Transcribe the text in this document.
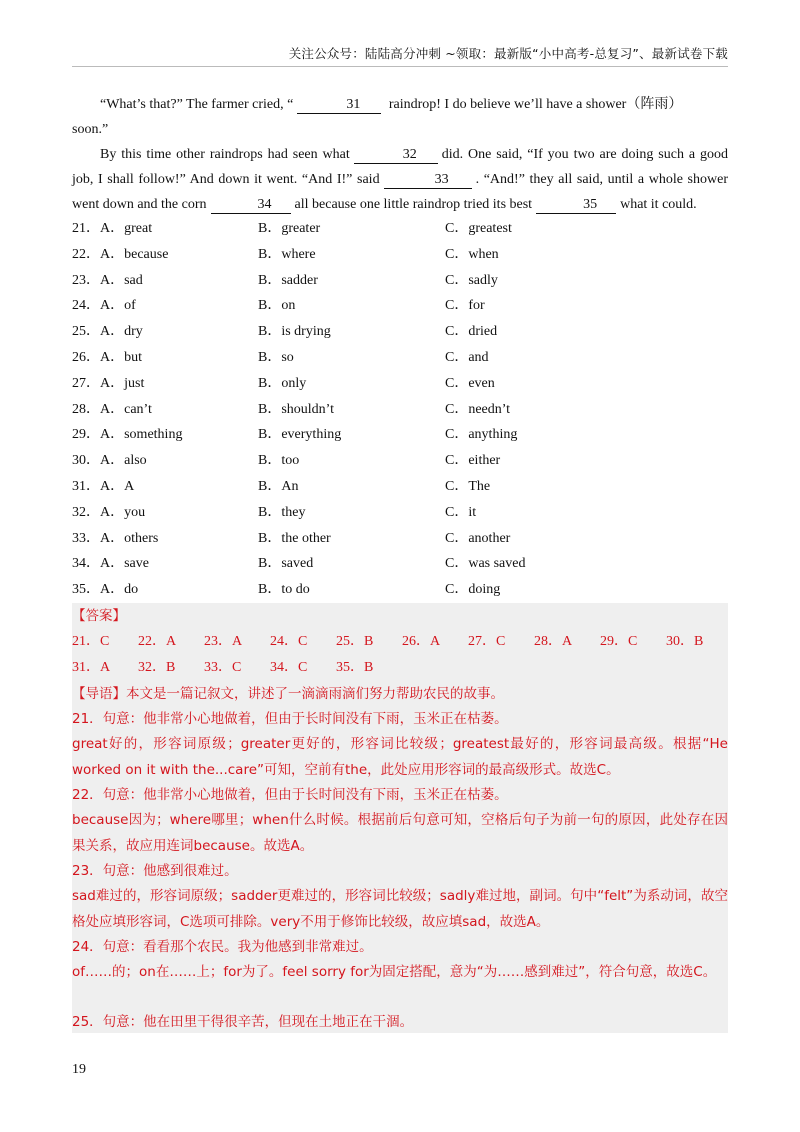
关注公众号：陆陆高分冲刺 ~领取：最新版“小中高考-总复习”、最新试卷下载

“What’s that?” The farmer cried, “	31 raindrop! I do believe we’ll have a shower（阵雨）

soon.”

By this time other raindrops had seen what	32 did. One said, “If you two are doing such a good job, I shall follow!” And down it went. “And I!” said	33 . “And!” they all said, until a whole shower went down and the corn	34 all because one little raindrop tried its best	35 what it could.

21． A．great	B．greater	C．greatest
22． A．because	B．where	C．when
23． A．sad	B．sadder	C．sadly
24． A．of	B．on	C．for
25． A．dry	B．is drying	C．dried
26． A．but	B．so	C．and
27． A．just	B．only	C．even
28． A．can’t	B．shouldn’t	C．needn’t
29． A．something	B．everything	C．anything
30． A．also	B．too	C．either
31． A．A	B．An	C．The
32． A．you	B．they	C．it
33． A．others	B．the other	C．another
34． A．save	B．saved	C．was saved
35． A．do	B．to do	C．doing
【答案】
21．C 22．A 23．A 24．C 25．B 26．A 27．C 28．A 29．C 30．B
31．A 32．B 33．C 34．C 35．B
【导语】本文是一篇记叙文，讲述了一滴滴雨滴们努力帮助农民的故事。
21．句意：他非常小心地做着，但由于长时间没有下雨，玉米正在枯萎。
great好的，形容词原级；greater更好的，形容词比较级；greatest最好的，形容词最高级。根据“He worked on it with the...care”可知，空前有the，此处应用形容词的最高级形式。故选C。
22．句意：他非常小心地做着，但由于长时间没有下雨，玉米正在枯萎。
because因为；where哪里；when什么时候。根据前后句意可知，空格后句子为前一句的原因，此处存在因果关系，故应用连词because。故选A。
23．句意：他感到很难过。
sad难过的，形容词原级；sadder更难过的，形容词比较级；sadly难过地，副词。句中“felt”为系动词，故空格处应填形容词，C选项可排除。very不用于修饰比较级，故应填sad，故选A。
24．句意：看看那个农民。我为他感到非常难过。
of……的；on在……上；for为了。feel sorry for为固定搭配，意为“为……感到难过”，符合句意，故选C。
25．句意：他在田里干得很辛苦，但现在土地正在干涸。
19
